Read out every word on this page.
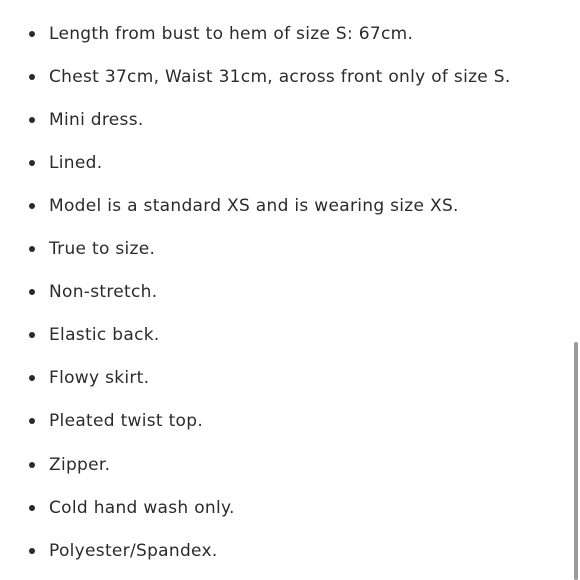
Length from bust to hem of size S: 67cm.
Chest 37cm, Waist 31cm, across front only of size S.
Mini dress.
Lined.
Model is a standard XS and is wearing size XS.
True to size.
Non-stretch.
Elastic back.
Flowy skirt.
Pleated twist top.
Zipper.
Cold hand wash only.
Polyester/Spandex.
